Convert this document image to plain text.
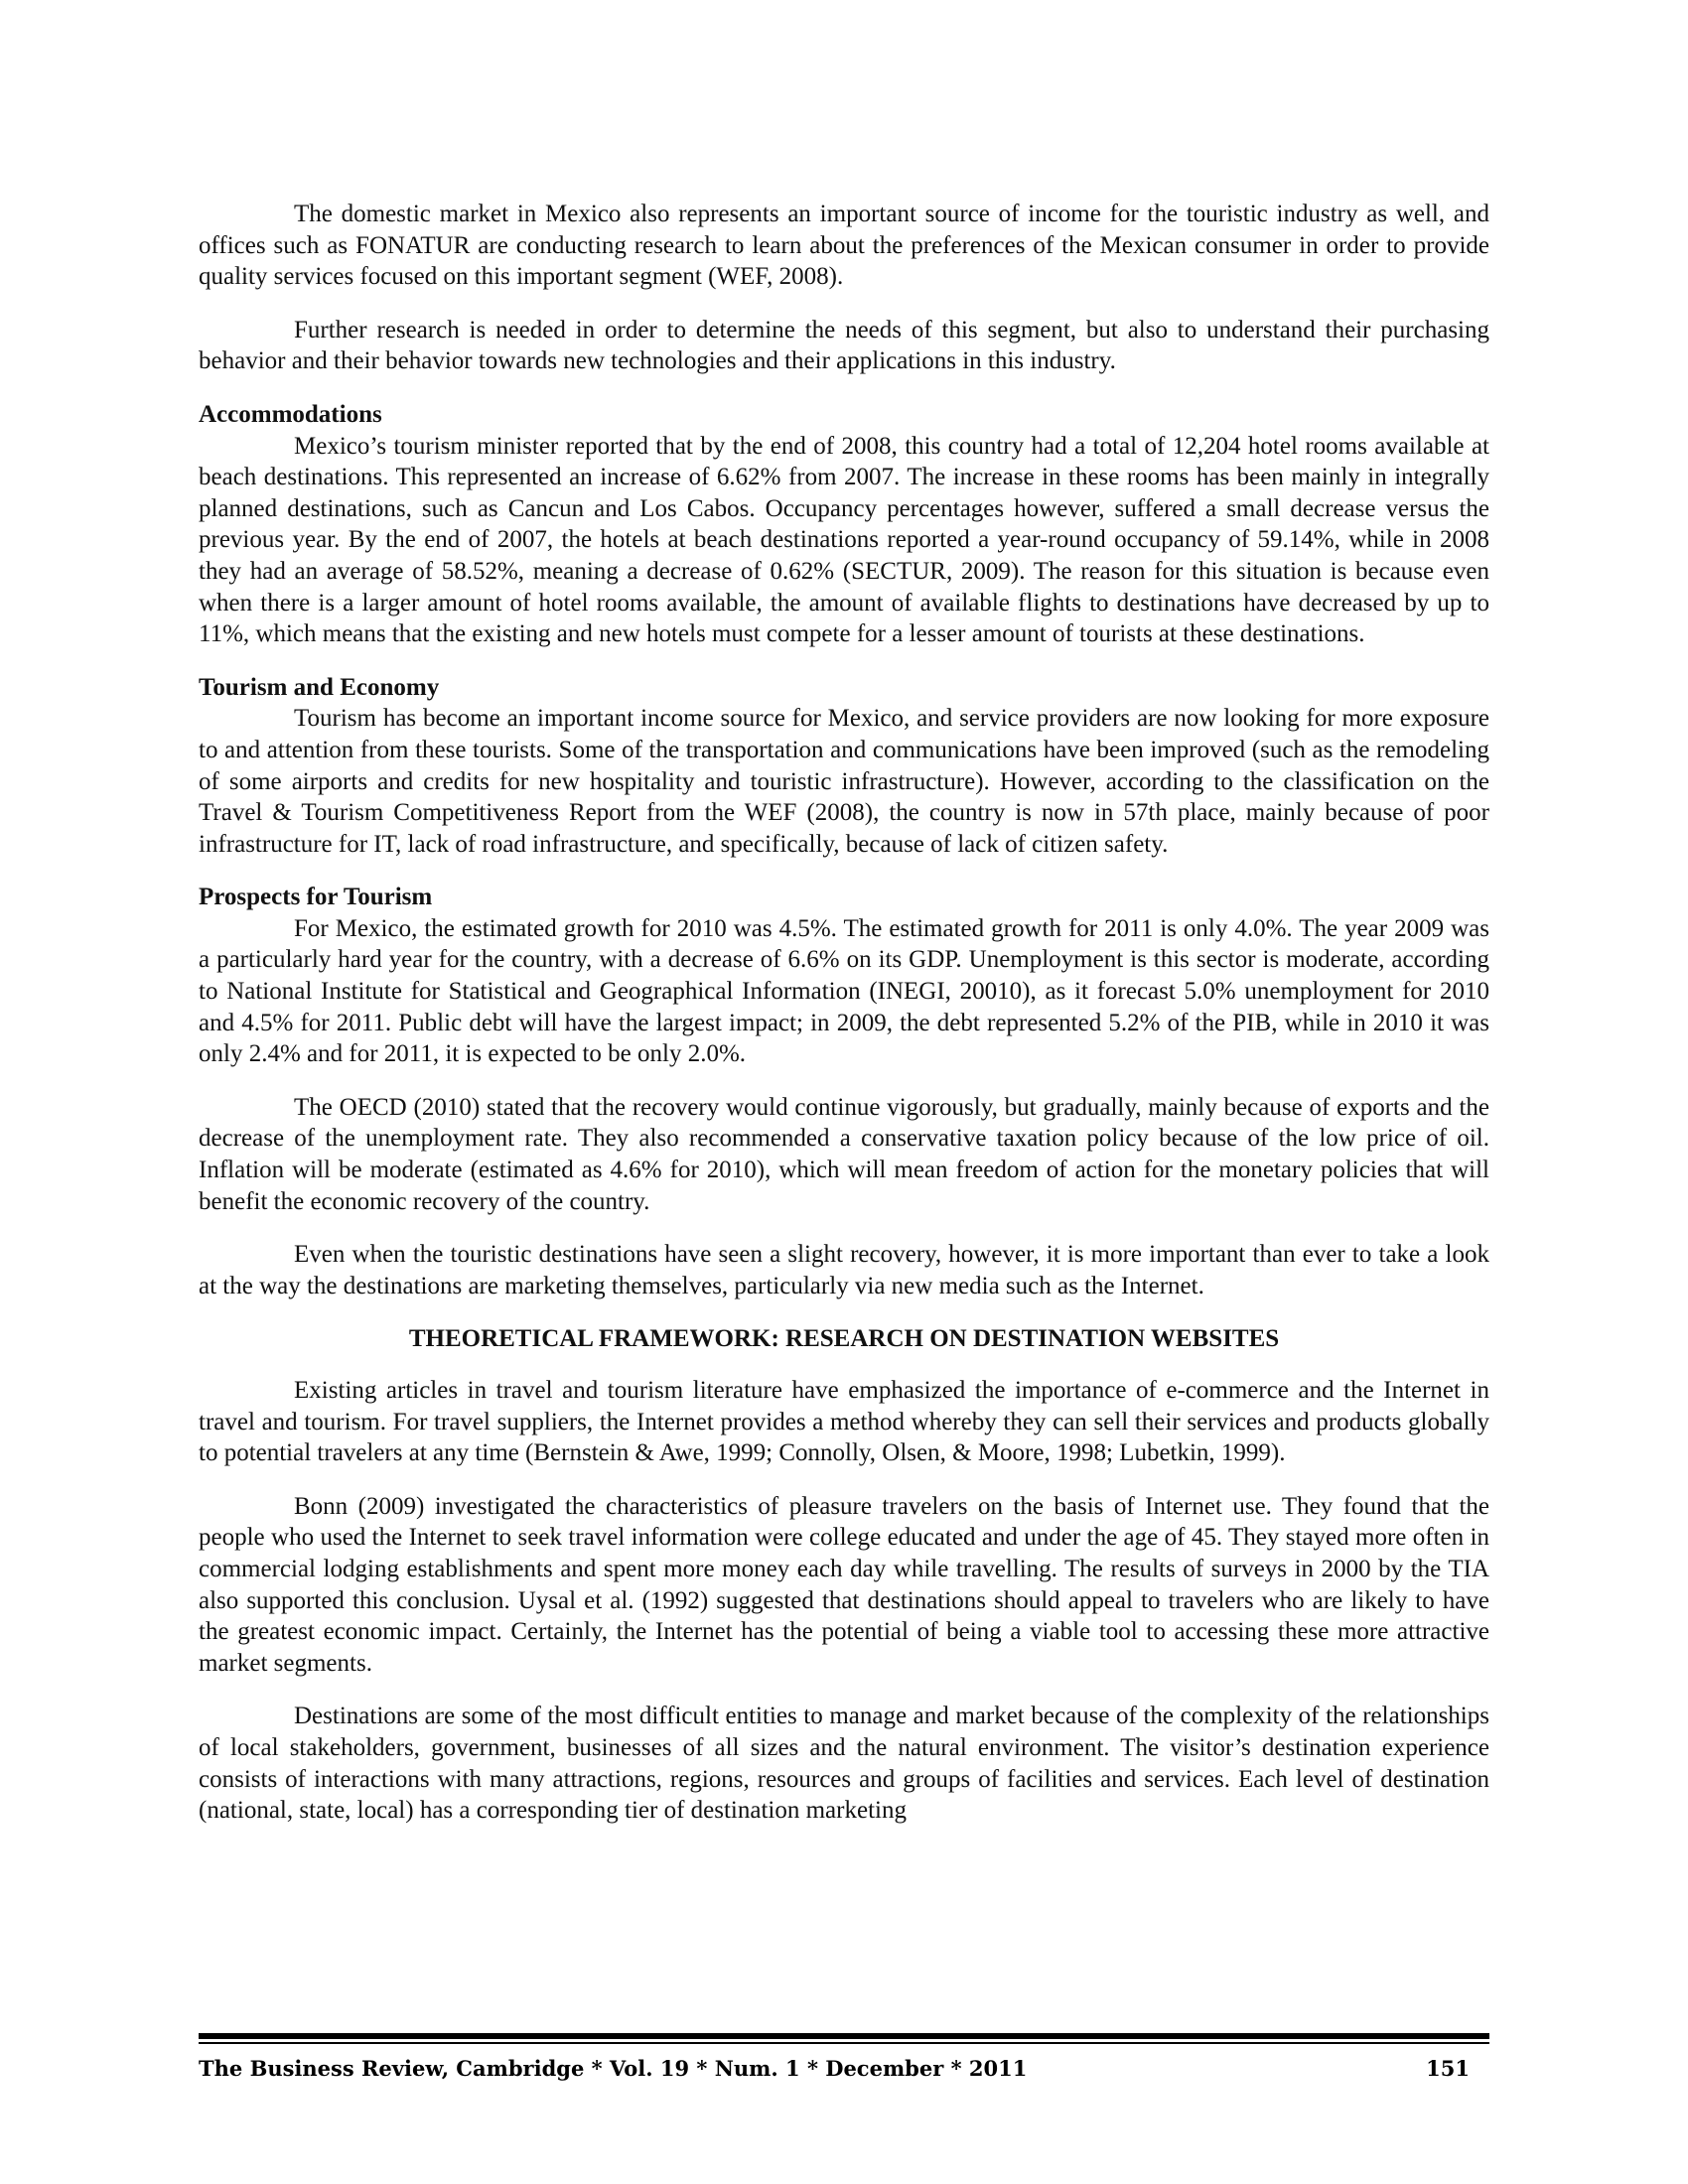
The domestic market in Mexico also represents an important source of income for the touristic industry as well, and offices such as FONATUR are conducting research to learn about the preferences of the Mexican consumer in order to provide quality services focused on this important segment (WEF, 2008).

Further research is needed in order to determine the needs of this segment, but also to understand their purchasing behavior and their behavior towards new technologies and their applications in this industry.

Accommodations

Mexico’s tourism minister reported that by the end of 2008, this country had a total of 12,204 hotel rooms available at beach destinations. This represented an increase of 6.62% from 2007. The increase in these rooms has been mainly in integrally planned destinations, such as Cancun and Los Cabos. Occupancy percentages however, suffered a small decrease versus the previous year. By the end of 2007, the hotels at beach destinations reported a year-round occupancy of 59.14%, while in 2008 they had an average of 58.52%, meaning a decrease of 0.62% (SECTUR, 2009). The reason for this situation is because even when there is a larger amount of hotel rooms available, the amount of available flights to destinations have decreased by up to 11%, which means that the existing and new hotels must compete for a lesser amount of tourists at these destinations.

Tourism and Economy

Tourism has become an important income source for Mexico, and service providers are now looking for more exposure to and attention from these tourists. Some of the transportation and communications have been improved (such as the remodeling of some airports and credits for new hospitality and touristic infrastructure). However, according to the classification on the Travel & Tourism Competitiveness Report from the WEF (2008), the country is now in 57th place, mainly because of poor infrastructure for IT, lack of road infrastructure, and specifically, because of lack of citizen safety.

Prospects for Tourism

For Mexico, the estimated growth for 2010 was 4.5%. The estimated growth for 2011 is only 4.0%. The year 2009 was a particularly hard year for the country, with a decrease of 6.6% on its GDP. Unemployment is this sector is moderate, according to National Institute for Statistical and Geographical Information (INEGI, 20010), as it forecast 5.0% unemployment for 2010 and 4.5% for 2011. Public debt will have the largest impact; in 2009, the debt represented 5.2% of the PIB, while in 2010 it was only 2.4% and for 2011, it is expected to be only 2.0%.

The OECD (2010) stated that the recovery would continue vigorously, but gradually, mainly because of exports and the decrease of the unemployment rate. They also recommended a conservative taxation policy because of the low price of oil. Inflation will be moderate (estimated as 4.6% for 2010), which will mean freedom of action for the monetary policies that will benefit the economic recovery of the country.

Even when the touristic destinations have seen a slight recovery, however, it is more important than ever to take a look at the way the destinations are marketing themselves, particularly via new media such as the Internet.

THEORETICAL FRAMEWORK: RESEARCH ON DESTINATION WEBSITES

Existing articles in travel and tourism literature have emphasized the importance of e-commerce and the Internet in travel and tourism. For travel suppliers, the Internet provides a method whereby they can sell their services and products globally to potential travelers at any time (Bernstein & Awe, 1999; Connolly, Olsen, & Moore, 1998; Lubetkin, 1999).

Bonn (2009) investigated the characteristics of pleasure travelers on the basis of Internet use. They found that the people who used the Internet to seek travel information were college educated and under the age of 45. They stayed more often in commercial lodging establishments and spent more money each day while travelling. The results of surveys in 2000 by the TIA also supported this conclusion. Uysal et al. (1992) suggested that destinations should appeal to travelers who are likely to have the greatest economic impact. Certainly, the Internet has the potential of being a viable tool to accessing these more attractive market segments.

Destinations are some of the most difficult entities to manage and market because of the complexity of the relationships of local stakeholders, government, businesses of all sizes and the natural environment. The visitor’s destination experience consists of interactions with many attractions, regions, resources and groups of facilities and services. Each level of destination (national, state, local) has a corresponding tier of destination marketing

The Business Review, Cambridge * Vol. 19 * Num. 1 * December * 2011	151
